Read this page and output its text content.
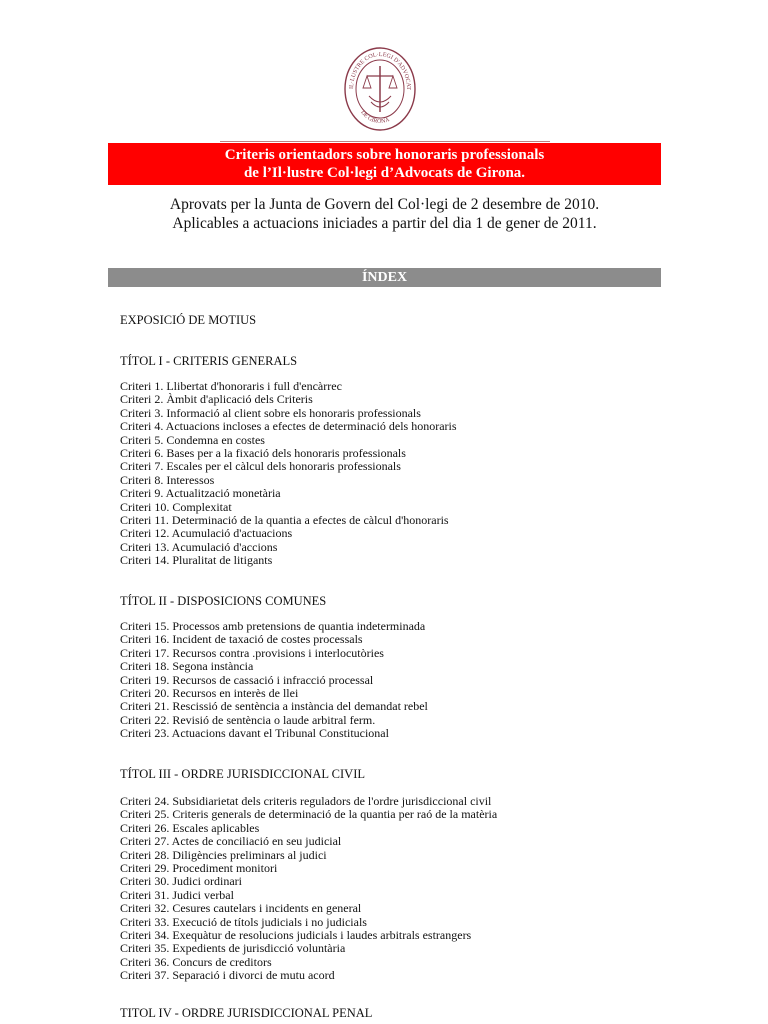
IL·LUSTRE COL·LEGI D'ADVOCAT
DE GIRONA
Criteris orientadors sobre honoraris professionals
de l’Il·lustre Col·legi d’Advocats de Girona.
Aprovats per la Junta de Govern del Col·legi de 2 desembre de 2010.
Aplicables a actuacions iniciades a partir del dia 1 de gener de 2011.
ÍNDEX
EXPOSICIÓ DE MOTIUS
TÍTOL I - CRITERIS GENERALS
Criteri 1. Llibertat d'honoraris i full d'encàrrec
Criteri 2. Àmbit d'aplicació dels Criteris
Criteri 3. Informació al client sobre els honoraris professionals
Criteri 4. Actuacions incloses a efectes de determinació dels honoraris
Criteri 5. Condemna en costes
Criteri 6. Bases per a la fixació dels honoraris professionals
Criteri 7. Escales per el càlcul dels honoraris professionals
Criteri 8. Interessos
Criteri 9. Actualització monetària
Criteri 10. Complexitat
Criteri 11. Determinació de la quantia a efectes de càlcul d'honoraris
Criteri 12. Acumulació d'actuacions
Criteri 13. Acumulació d'accions
Criteri 14. Pluralitat de litigants
TÍTOL II - DISPOSICIONS COMUNES
Criteri 15. Processos amb pretensions de quantia indeterminada
Criteri 16. Incident de taxació de costes processals
Criteri 17. Recursos contra .provisions i interlocutòries
Criteri 18. Segona instància
Criteri 19. Recursos de cassació i infracció processal
Criteri 20. Recursos en interès de llei
Criteri 21. Rescissió de sentència a instància del demandat rebel
Criteri 22. Revisió de sentència o laude arbitral ferm.
Criteri 23. Actuacions davant el Tribunal Constitucional
TÍTOL III - ORDRE JURISDICCIONAL CIVIL
Criteri 24. Subsidiarietat dels criteris reguladors de l'ordre jurisdiccional civil
Criteri 25. Criteris generals de determinació de la quantia per raó de la matèria
Criteri 26. Escales aplicables
Criteri 27. Actes de conciliació en seu judicial
Criteri 28. Diligències preliminars al judici
Criteri 29. Procediment monitori
Criteri 30. Judici ordinari
Criteri 31. Judici verbal
Criteri 32. Cesures cautelars i incidents en general
Criteri 33. Execució de títols judicials i no judicials
Criteri 34. Exequàtur de resolucions judicials i laudes arbitrals estrangers
Criteri 35. Expedients de jurisdicció voluntària
Criteri 36. Concurs de creditors
Criteri 37. Separació i divorci de mutu acord
TITOL IV - ORDRE JURISDICCIONAL PENAL
